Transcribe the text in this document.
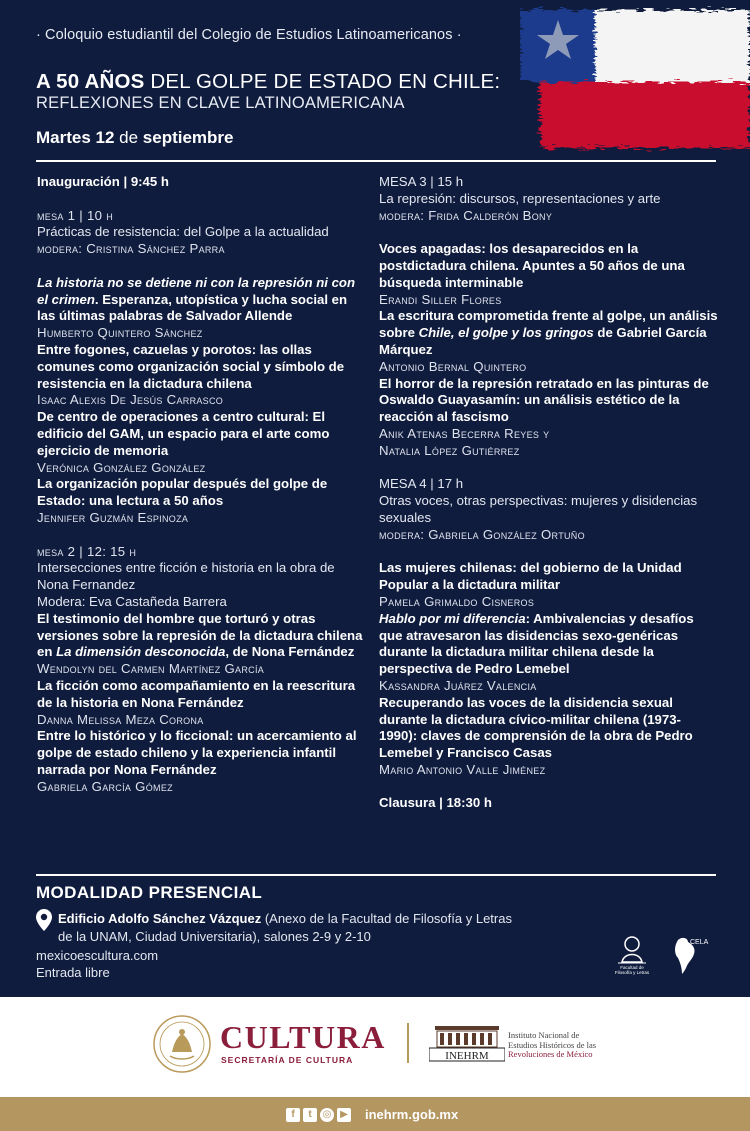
· Coloquio estudiantil del Colegio de Estudios Latinoamericanos ·
A 50 AÑOS DEL GOLPE DE ESTADO EN CHILE:
REFLEXIONES EN CLAVE LATINOAMERICANA
Martes 12 de septiembre
Inauguración | 9:45 h
mesa 1 | 10 h
Prácticas de resistencia: del Golpe a la actualidad
modera: Cristina Sánchez Parra
La historia no se detiene ni con la represión ni con el crimen. Esperanza, utopística y lucha social en las últimas palabras de Salvador Allende
Humberto Quintero Sánchez
Entre fogones, cazuelas y porotos: las ollas comunes como organización social y símbolo de resistencia en la dictadura chilena
Isaac Alexis De Jesús Carrasco
De centro de operaciones a centro cultural: El edificio del GAM, un espacio para el arte como ejercicio de memoria
Verónica González González
La organización popular después del golpe de Estado: una lectura a 50 años
Jennifer Guzmán Espinoza
mesa 2 | 12: 15 h
Intersecciones entre ficción e historia en la obra de Nona Fernandez
Modera: Eva Castañeda Barrera
El testimonio del hombre que torturó y otras versiones sobre la represión de la dictadura chilena en La dimensión desconocida, de Nona Fernández
Wendolyn del Carmen Martínez García
La ficción como acompañamiento en la reescritura de la historia en Nona Fernández
Danna Melissa Meza Corona
Entre lo histórico y lo ficcional: un acercamiento al golpe de estado chileno y la experiencia infantil narrada por Nona Fernández
Gabriela García Gómez
MESA 3 | 15 h
La represión: discursos, representaciones y arte
modera: Frida Calderón Bony
Voces apagadas: los desaparecidos en la postdictadura chilena. Apuntes a 50 años de una búsqueda interminable
Erandi Siller Flores
La escritura comprometida frente al golpe, un análisis sobre Chile, el golpe y los gringos de Gabriel García Márquez
Antonio Bernal Quintero
El horror de la represión retratado en las pinturas de Oswaldo Guayasamín: un análisis estético de la reacción al fascismo
Anik Atenas Becerra Reyes y
Natalia López Gutiérrez
MESA 4 | 17 h
Otras voces, otras perspectivas: mujeres y disidencias sexuales
modera: Gabriela González Ortuño
Las mujeres chilenas: del gobierno de la Unidad Popular a la dictadura militar
Pamela Grimaldo Cisneros
Hablo por mi diferencia: Ambivalencias y desafíos que atravesaron las disidencias sexo-genéricas durante la dictadura militar chilena desde la perspectiva de Pedro Lemebel
Kassandra Juárez Valencia
Recuperando las voces de la disidencia sexual durante la dictadura cívico-militar chilena (1973-1990): claves de comprensión de la obra de Pedro Lemebel y Francisco Casas
Mario Antonio Valle Jiménez
Clausura | 18:30 h
MODALIDAD PRESENCIAL
Edificio Adolfo Sánchez Vázquez (Anexo de la Facultad de Filosofía y Letras de la UNAM, Ciudad Universitaria), salones 2-9 y 2-10
mexicoescultura.com
Entrada libre	Facultad de
Filosofía y Letras
CELA
CULTURA
SECRETARÍA DE CULTURA	INEHRM
Instituto Nacional de
Estudios Históricos de las
Revoluciones de México
f	t	◎ ▶ inehrm.gob.mx
